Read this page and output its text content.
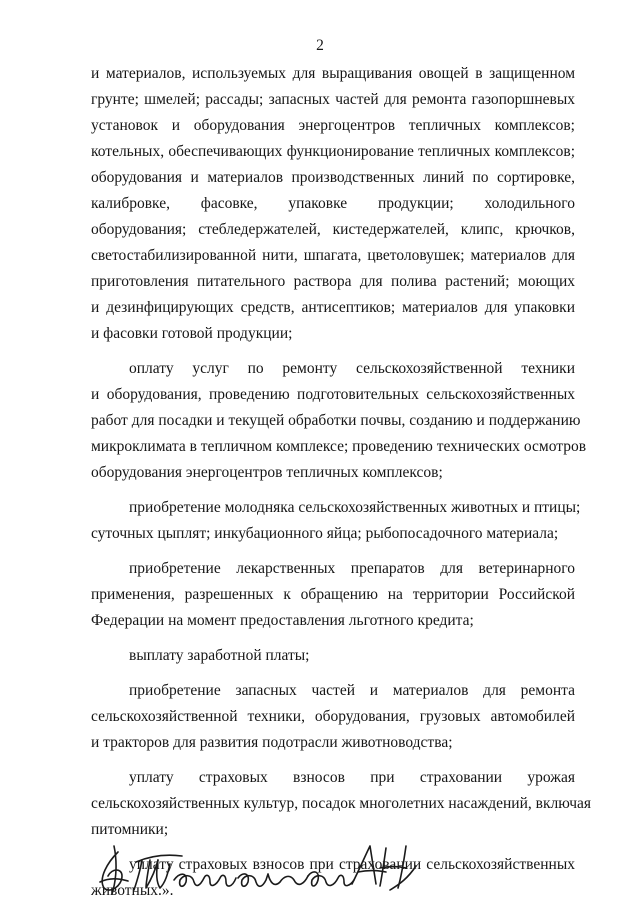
2
и материалов, используемых для выращивания овощей в защищенном
грунте; шмелей; рассады; запасных частей для ремонта газопоршневых
установок и оборудования энергоцентров тепличных комплексов;
котельных, обеспечивающих функционирование тепличных комплексов;
оборудования и материалов производственных линий по сортировке,
калибровке, фасовке, упаковке продукции; холодильного
оборудования; стебледержателей, кистедержателей, клипс, крючков,
светостабилизированной нити, шпагата, цветоловушек; материалов для
приготовления питательного раствора для полива растений; моющих
и дезинфицирующих средств, антисептиков; материалов для упаковки
и фасовки готовой продукции;
оплату услуг по ремонту сельскохозяйственной техники
и оборудования, проведению подготовительных сельскохозяйственных
работ для посадки и текущей обработки почвы, созданию и поддержанию
микроклимата в тепличном комплексе; проведению технических осмотров
оборудования энергоцентров тепличных комплексов;
приобретение молодняка сельскохозяйственных животных и птицы;
суточных цыплят; инкубационного яйца; рыбопосадочного материала;
приобретение лекарственных препаратов для ветеринарного
применения, разрешенных к обращению на территории Российской
Федерации на момент предоставления льготного кредита;
выплату заработной платы;
приобретение запасных частей и материалов для ремонта
сельскохозяйственной техники, оборудования, грузовых автомобилей
и тракторов для развития подотрасли животноводства;
уплату страховых взносов при страховании урожая
сельскохозяйственных культур, посадок многолетних насаждений, включая
питомники;
уплату страховых взносов при страховании сельскохозяйственных
животных.».
